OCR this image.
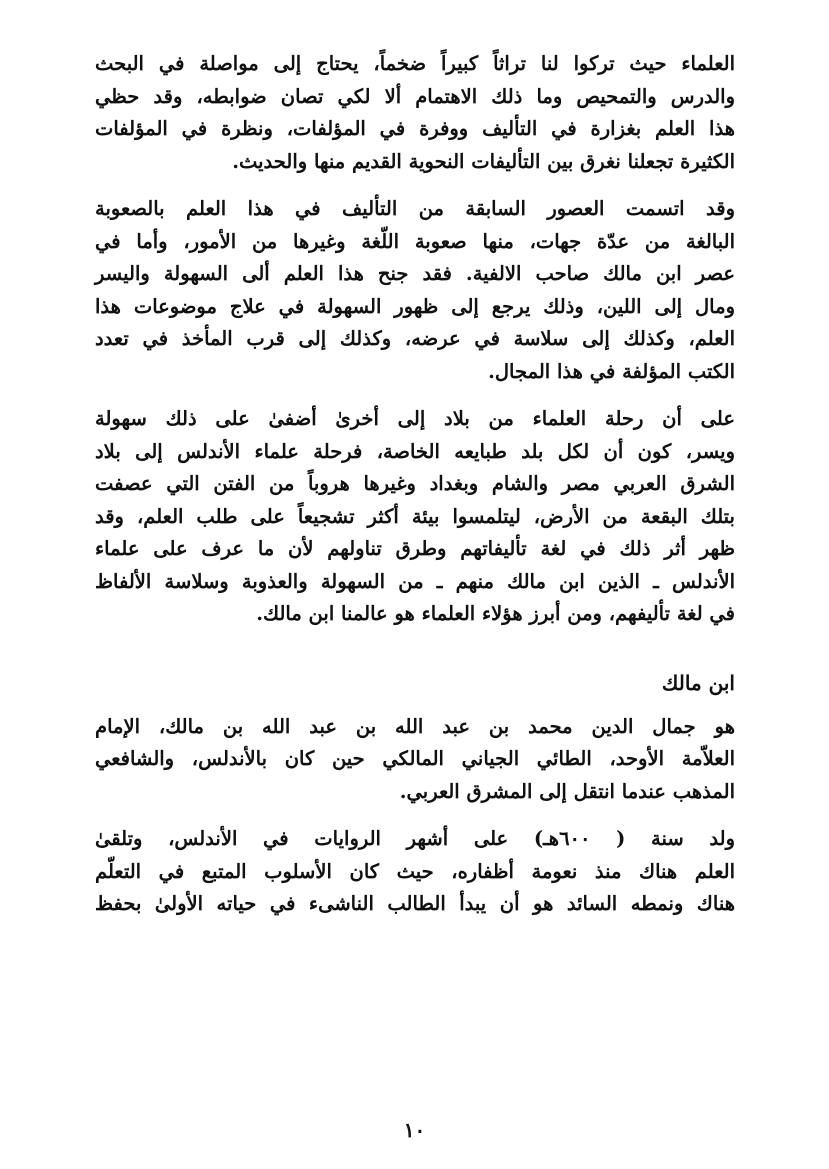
العلماء حيث تركوا لنا تراثاً كبيراً ضخماً، يحتاج إلى مواصلة في البحث
والدرس والتمحيص وما ذلك الاهتمام ألا لكي تصان ضوابطه، وقد حظي
هذا العلم بغزارة في التأليف ووفرة في المؤلفات، ونظرة في المؤلفات
الكثيرة تجعلنا نغرق بين التأليفات النحوية القديم منها والحديث.
وقد اتسمت العصور السابقة من التأليف في هذا العلم بالصعوبة
البالغة من عدّة جهات، منها صعوبة اللّغة وغيرها من الأمور، وأما في
عصر ابن مالك صاحب الالفية. فقد جنح هذا العلم ألى السهولة واليسر
ومال إلى اللين، وذلك يرجع إلى ظهور السهولة في علاج موضوعات هذا
العلم، وكذلك إلى سلاسة في عرضه، وكذلك إلى قرب المأخذ في تعدد
الكتب المؤلفة في هذا المجال.
على أن رحلة العلماء من بلاد إلى أخرىٰ أضفىٰ على ذلك سهولة
ويسر، كون أن لكل بلد طبايعه الخاصة، فرحلة علماء الأندلس إلى بلاد
الشرق العربي مصر والشام وبغداد وغيرها هروباً من الفتن التي عصفت
بتلك البقعة من الأرض، ليتلمسوا بيئة أكثر تشجيعاً على طلب العلم، وقد
ظهر أثر ذلك في لغة تأليفاتهم وطرق تناولهم لأن ما عرف على علماء
الأندلس ـ الذين ابن مالك منهم ـ من السهولة والعذوبة وسلاسة الألفاظ
في لغة تأليفهم، ومن أبرز هؤلاء العلماء هو عالمنا ابن مالك.
ابن مالك
هو جمال الدين محمد بن عبد الله بن عبد الله بن مالك، الإمام
العلاّمة الأوحد، الطائي الجياني المالكي حين كان بالأندلس، والشافعي
المذهب عندما انتقل إلى المشرق العربي.
ولد سنة ( ٦٠٠هـ) على أشهر الروايات في الأندلس، وتلقىٰ
العلم هناك منذ نعومة أظفاره، حيث كان الأسلوب المتبع في التعلّم
هناك ونمطه السائد هو أن يبدأ الطالب الناشىء في حياته الأولىٰ بحفظ
١٠
